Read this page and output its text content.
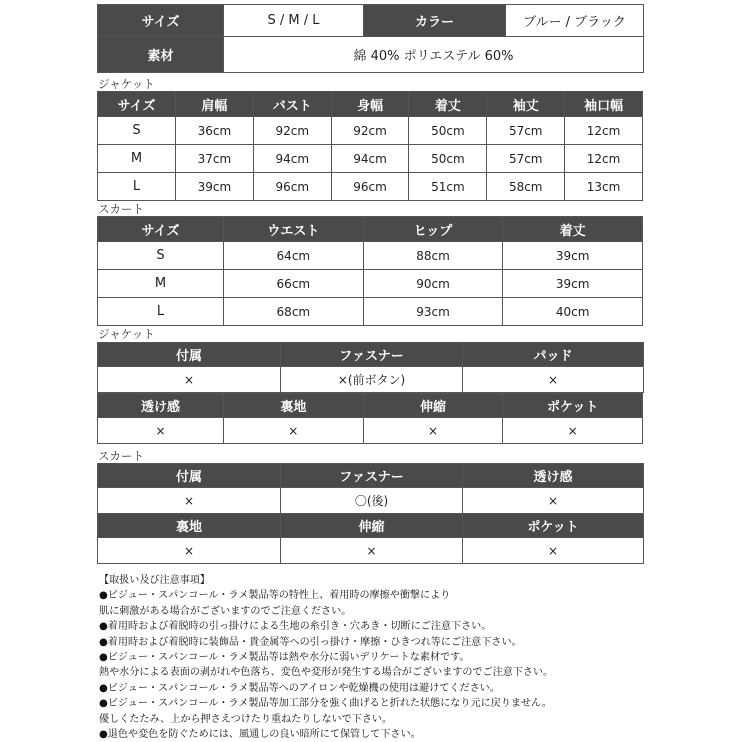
サイズ	S / M / L	カラー	ブルー / ブラック
素材	綿 40% ポリエステル 60%		
ジャケット
サイズ	肩幅	バスト	身幅	着丈	袖丈	袖口幅
S	36cm	92cm	92cm	50cm	57cm	12cm
M	37cm	94cm	94cm	50cm	57cm	12cm
L	39cm	96cm	96cm	51cm	58cm	13cm
スカート
サイズ	ウエスト	ヒップ	着丈
S	64cm	88cm	39cm
M	66cm	90cm	39cm
L	68cm	93cm	40cm
ジャケット
付属	ファスナー	パッド
×	×(前ボタン)	×
透け感	裏地	伸縮	ポケット
×	×	×	×
スカート
付属	ファスナー	透け感
×	〇(後)	×
裏地	伸縮	ポケット
×	×	×
【取扱い及び注意事項】
●ビジュー・スパンコール・ラメ製品等の特性上、着用時の摩擦や衝撃により
肌に刺激がある場合がございますのでご注意ください。
●着用時および着脱時の引っ掛けによる生地の糸引き・穴あき・切断にご注意下さい。
●着用時および着脱時に装飾品・貴金属等への引っ掛け・摩擦・ひきつれ等にご注意下さい。
●ビジュー・スパンコール・ラメ製品等は熱や水分に弱いデリケートな素材です。
熱や水分による表面の剥がれや色落ち、変色や変形が発生する場合がございますのでご注意下さい。
●ビジュー・スパンコール・ラメ製品等へのアイロンや乾燥機の使用は避けてください。
●ビジュー・スパンコール・ラメ製品等加工部分を強く曲げると折れた状態になり元に戻りません。
優しくたたみ、上から押さえつけたり重ねたりしないで下さい。
●退色や変色を防ぐためには、風通しの良い暗所にて保管して下さい。
